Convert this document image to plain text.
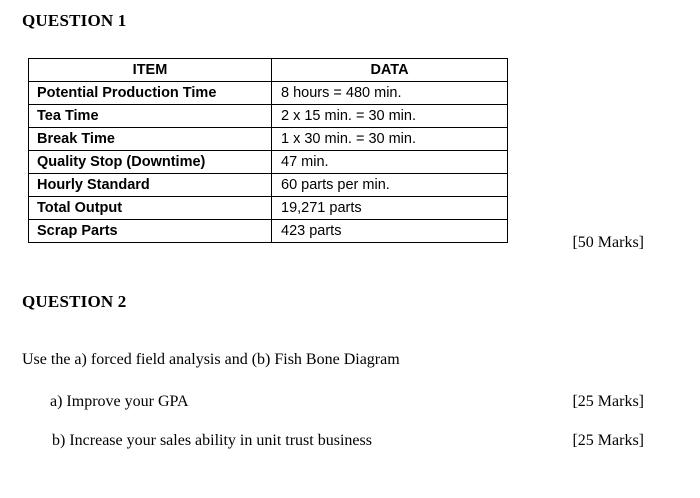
QUESTION 1
ITEM	DATA
Potential Production Time	8 hours = 480 min.
Tea Time	2 x 15 min. = 30 min.
Break Time	1 x 30 min. = 30 min.
Quality Stop (Downtime)	47 min.
Hourly Standard	60 parts per min.
Total Output	19,271 parts
Scrap Parts	423 parts
[50 Marks]
QUESTION 2
Use the a) forced field analysis and (b) Fish Bone Diagram
a) Improve your GPA	[25 Marks]
b) Increase your sales ability in unit trust business	[25 Marks]
